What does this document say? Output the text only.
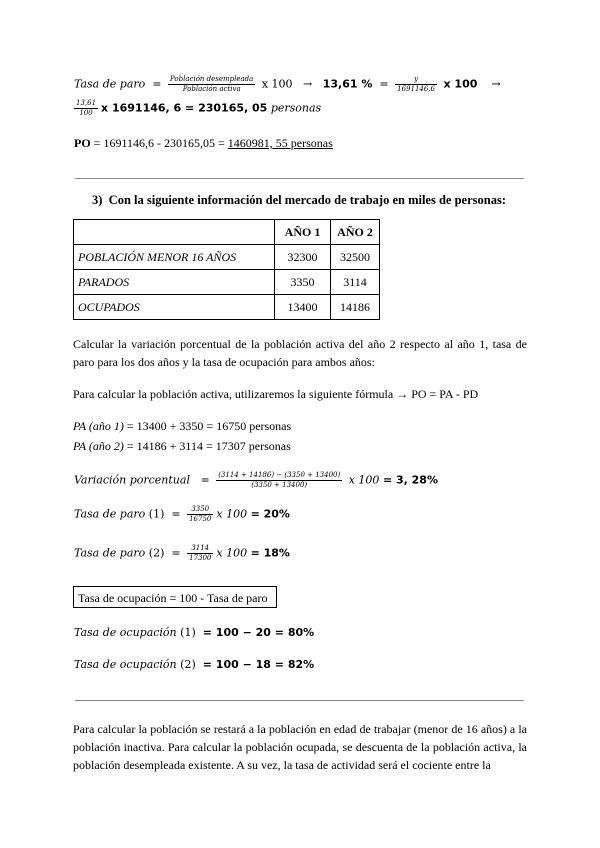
Tasa de paro = $\frac{\text{Población desempleada}}{\text{Población activa}}$ x 100 → 13,61 % = $\frac{y}{1691146,6}$ x 100 →
$\frac{13,61}{100}$ x 1691146, 6 = 230165, 05 personas
PO = 1691146,6 - 230165,05 = 1460981, 55 personas
3) Con la siguiente información del mercado de trabajo en miles de personas:
	AÑO 1	AÑO 2
POBLACIÓN MENOR 16 AÑOS	32300	32500
PARADOS	3350	3114
OCUPADOS	13400	14186
Calcular la variación porcentual de la población activa del año 2 respecto al año 1, tasa de paro para los dos años y la tasa de ocupación para ambos años:
Para calcular la población activa, utilizaremos la siguiente fórmula → PO = PA - PD
PA (año 1) = 13400 + 3350 = 16750 personas
PA (año 2) = 14186 + 3114 = 17307 personas
Variación porcentual = $\frac{(3114 + 14186) - (3350 + 13400)}{(3350 + 13400)}$ x 100 = 3, 28%
Tasa de paro $(1) = \frac{3350}{16750}$ x 100 = 20%
Tasa de paro $(2) = \frac{3114}{17300}$ x 100 = 18%
Tasa de ocupación = 100 - Tasa de paro
Tasa de ocupación (1) = 100 − 20 = 80%
Tasa de ocupación (2) = 100 − 18 = 82%
Para calcular la población se restará a la población en edad de trabajar (menor de 16 años) a la población inactiva. Para calcular la población ocupada, se descuenta de la población activa, la población desempleada existente. A su vez, la tasa de actividad será el cociente entre la
